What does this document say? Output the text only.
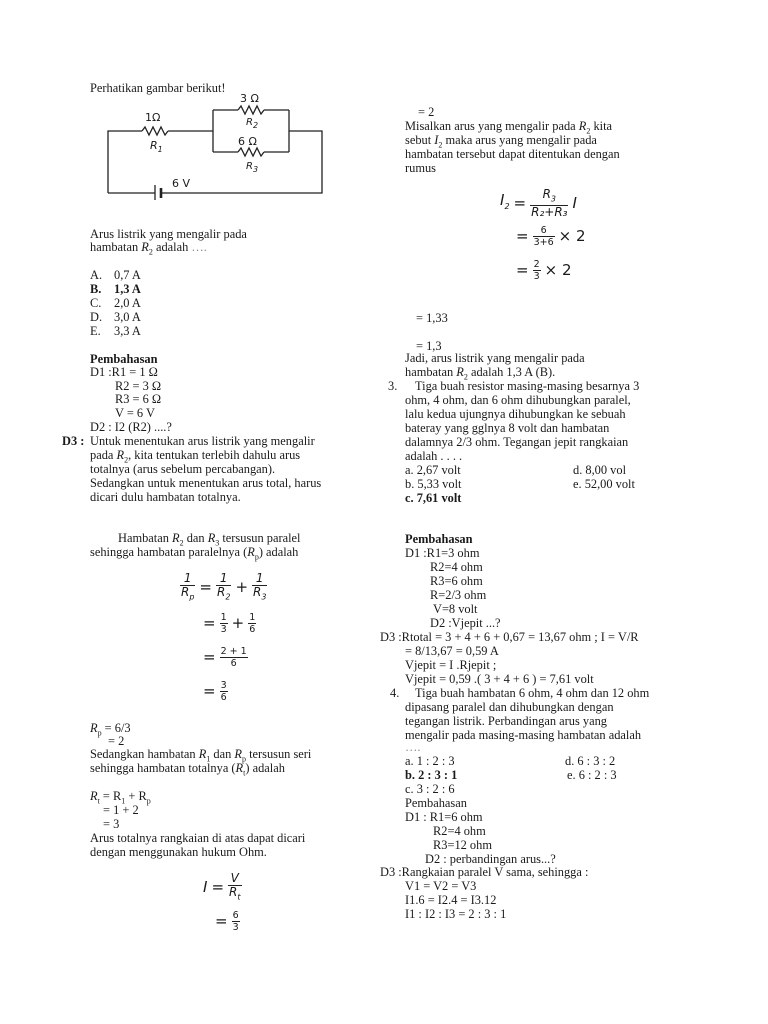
Perhatikan gambar berikut!
1Ω
$R_1$
3 Ω
$R_2$
6 Ω
$R_3$
6 V
Arus listrik yang mengalir pada
hambatan $R_2$ adalah ….
A. 0,7 A
B. 1,3 A
C. 2,0 A
D. 3,0 A
E. 3,3 A
Pembahasan
D1 :R1 = 1 Ω
R2 = 3 Ω
R3 = 6 Ω
V = 6 V
D2 : I2 (R2) ....?
D3 : Untuk menentukan arus listrik yang mengalir
pada $R_2$, kita tentukan terlebih dahulu arus
totalnya (arus sebelum percabangan).
Sedangkan untuk menentukan arus total, harus
dicari dulu hambatan totalnya.
Hambatan $R_2$ dan $R_3$ tersusun paralel
sehingga hambatan paralelnya $(R_p)$ adalah
$\frac{1}{R_p} = \frac{1}{R_2} + \frac{1}{R_3}$
= $\frac{1}{3} + \frac{1}{6}$
= $\frac{2 + 1}{6}$
= $\frac{3}{6}$
$R_p = 6/3$
= 2
Sedangkan hambatan $R_1$ dan $R_p$ tersusun seri
sehingga hambatan totalnya $(R_t)$ adalah
$R_t = R_1 + R_p$
= 1 + 2
= 3
Arus totalnya rangkaian di atas dapat dicari
dengan menggunakan hukum Ohm.
$I = \frac{V}{R_t}$
= $\frac{6}{3}$
= 2
Misalkan arus yang mengalir pada $R_2$ kita
sebut $I_2$ maka arus yang mengalir pada
hambatan tersebut dapat ditentukan dengan
rumus
$I_2 = \frac{R_3}{\text{R₂+R₃}}$ I
= $\frac{6}{3+6} \times 2$
= $\frac{2}{3} \times 2$
= 1,33
= 1,3
Jadi, arus listrik yang mengalir pada
hambatan $R_2$ adalah 1,3 A (B).
3. Tiga buah resistor masing-masing besarnya 3
ohm, 4 ohm, dan 6 ohm dihubungkan paralel,
lalu kedua ujungnya dihubungkan ke sebuah
bateray yang gglnya 8 volt dan hambatan
dalamnya 2/3 ohm. Tegangan jepit rangkaian
adalah . . . .
a. 2,67 volt	d. 8,00 vol
b. 5,33 volt	e. 52,00 volt
c. 7,61 volt
Pembahasan
D1 :R1=3 ohm
R2=4 ohm
R3=6 ohm
R=2/3 ohm
V=8 volt
D2 :Vjepit ...?
D3 :Rtotal = 3 + 4 + 6 + 0,67 = 13,67 ohm ; I = V/R
= 8/13,67 = 0,59 A
Vjepit = I .Rjepit ;
Vjepit = 0,59 .( 3 + 4 + 6 ) = 7,61 volt
4. Tiga buah hambatan 6 ohm, 4 ohm dan 12 ohm
dipasang paralel dan dihubungkan dengan
tegangan listrik. Perbandingan arus yang
mengalir pada masing-masing hambatan adalah
….
a. 1 : 2 : 3	d. 6 : 3 : 2
b. 2 : 3 : 1	e. 6 : 2 : 3
c. 3 : 2 : 6
Pembahasan
D1 : R1=6 ohm
R2=4 ohm
R3=12 ohm
D2 : perbandingan arus...?
D3 :Rangkaian paralel V sama, sehingga :
V1 = V2 = V3
I1.6 = I2.4 = I3.12
I1 : I2 : I3 = 2 : 3 : 1
